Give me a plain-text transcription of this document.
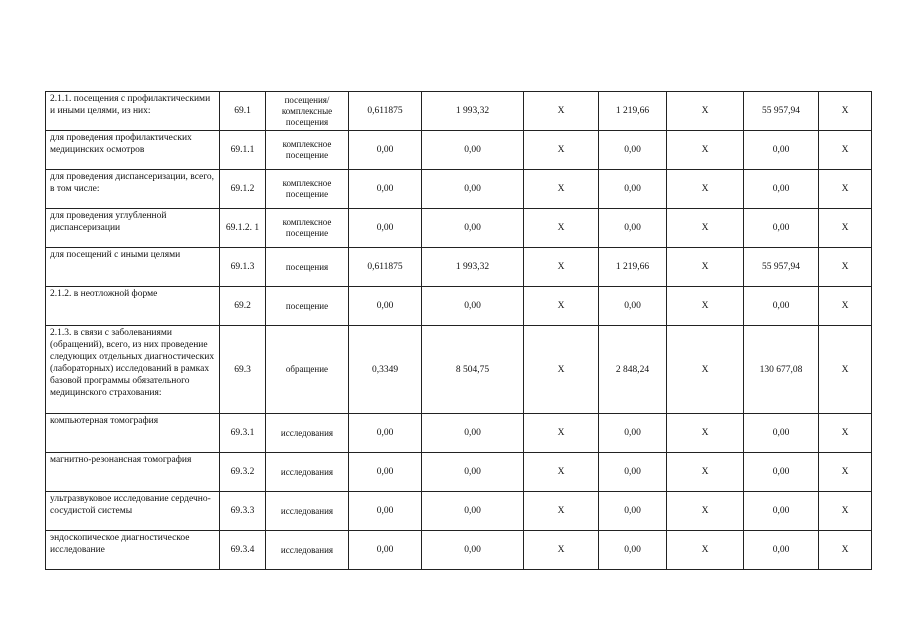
2.1.1. посещения с профилактическими и иными целями, из них:	69.1	посещения/ комплексные посещения	0,611875	1 993,32	X	1 219,66	X	55 957,94	X
для проведения профилактических медицинских осмотров	69.1.1	комплексное посещение	0,00	0,00	X	0,00	X	0,00	X
для проведения диспансеризации, всего, в том числе:	69.1.2	комплексное посещение	0,00	0,00	X	0,00	X	0,00	X
для проведения углубленной диспансеризации	69.1.2. 1	комплексное посещение	0,00	0,00	X	0,00	X	0,00	X
для посещений с иными целями	69.1.3	посещения	0,611875	1 993,32	X	1 219,66	X	55 957,94	X
2.1.2. в неотложной форме	69.2	посещение	0,00	0,00	X	0,00	X	0,00	X
2.1.3. в связи с заболеваниями (обращений), всего, из них проведение следующих отдельных диагностических (лабораторных) исследований в рамках базовой программы обязательного медицинского страхования:	69.3	обращение	0,3349	8 504,75	X	2 848,24	X	130 677,08	X
компьютерная томография	69.3.1	исследования	0,00	0,00	X	0,00	X	0,00	X
магнитно-резонансная томография	69.3.2	исследования	0,00	0,00	X	0,00	X	0,00	X
ультразвуковое исследование сердечно-сосудистой системы	69.3.3	исследования	0,00	0,00	X	0,00	X	0,00	X
эндоскопическое диагностическое исследование	69.3.4	исследования	0,00	0,00	X	0,00	X	0,00	X
